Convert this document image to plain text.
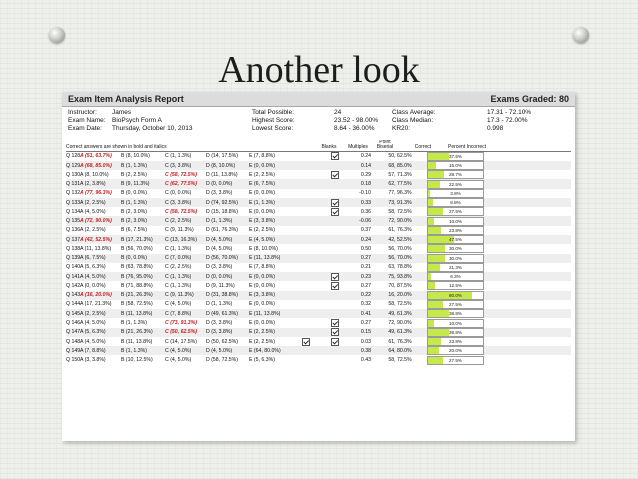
Another look
Exam Item Analysis Report	Exams Graded: 80
Instructor:	James	Total Possible:	24	Class Average:	17.31 - 72.10%
Exam Name: BioPsych Form A	Highest Score:	23.52 - 98.00%	Class Median:	17.3 - 72.00%
Exam Date:	Thursday, October 10, 2013	Lowest Score:	8.64 - 36.00%	KR20:	0.998
Correct answers are shown in bold and italics	Blanks	Multiples
Point Biserial	Correct	Percent Incorrect
Q 128 A (51, 63.7%)	B (8, 10.0%)	C (1, 1.3%)	D (14, 17.5%)	E (7, 8.8%)	0.24	50, 62.5%	37.5%
Q 129 A (68, 85.0%)	B (1, 1.3%)	C (3, 3.8%)	D (8, 10.0%)	E (0, 0.0%)	0.14	68, 85.0%	15.0%
Q 130 A (8, 10.0%)	B (2, 2.5%)	C (58, 72.5%)	D (11, 13.8%)	E (2, 2.5%)	0.29	57, 71.3%	28.7%
Q 131 A (2, 3.8%)	B (9, 11.3%)	C (62, 77.5%)	D (0, 0.0%)	E (6, 7.5%)	0.18	62, 77.5%	22.5%
Q 132 A (77, 96.3%)	B (0, 0.0%)	C (0, 0.0%)	D (3, 3.8%)	E (0, 0.0%)	-0.10	77, 96.3%	3.8%
Q 133 A (2, 2.5%)	B (1, 1.3%)	C (3, 3.8%)	D (74, 92.5%)	E (1, 1.3%)	0.33	73, 91.3%	8.8%
Q 134 A (4, 5.0%)	B (2, 3.0%)	C (58, 72.5%)	D (15, 18.8%)	E (0, 0.0%)	0.36	58, 72.5%	27.5%
Q 135 A (72, 90.0%)	B (2, 3.0%)	C (2, 2.5%)	D (1, 1.3%)	E (3, 3.8%)	-0.06	72, 90.0%	10.0%
Q 136 A (2, 2.5%)	B (6, 7.5%)	C (9, 11.3%)	D (61, 76.3%)	E (2, 2.5%)	0.37	61, 76.3%	23.8%
Q 137 A (42, 52.5%)	B (17, 21.3%)	C (13, 16.3%)	D (4, 5.0%)	E (4, 5.0%)	0.24	42, 52.5%	47.5%
Q 138 A (11, 13.8%)	B (56, 70.0%)	C (1, 1.3%)	D (4, 5.0%)	E (8, 10.0%)	0.50	56, 70.0%	30.0%
Q 139 A (6, 7.5%)	B (0, 0.0%)	C (7, 0.0%)	D (56, 70.0%)	E (11, 13.8%)	0.27	56, 70.0%	30.0%
Q 140 A (5, 6.3%)	B (63, 78.8%)	C (2, 2.5%)	D (3, 3.8%)	E (7, 8.8%)	0.21	63, 78.8%	21.3%
Q 141 A (4, 5.0%)	B (76, 95.0%)	C (1, 1.3%)	D (0, 0.0%)	E (0, 0.0%)	0.23	75, 93.8%	6.3%
Q 142 A (0, 0.0%)	B (71, 88.8%)	C (1, 1.3%)	D (9, 11.3%)	E (0, 0.0%)	0.27	70, 87.5%	12.5%
Q 143 A (16, 20.0%)	B (21, 26.3%)	C (9, 11.3%)	D (31, 38.8%)	E (3, 3.8%)	0.22	16, 20.0%	80.0%
Q 144 A (17, 21.3%)	B (58, 72.5%)	C (4, 5.0%)	D (1, 1.3%)	E (0, 0.0%)	0.32	58, 72.5%	27.5%
Q 145 A (2, 2.5%)	B (11, 13.8%)	C (7, 8.8%)	D (49, 61.3%)	E (11, 13.8%)	0.41	49, 61.3%	38.8%
Q 146 A (4, 5.0%)	B (1, 1.3%)	C (73, 91.3%)	D (3, 3.8%)	E (0, 0.0%)	0.27	72, 90.0%	10.0%
Q 147 A (5, 6.3%)	B (21, 26.3%)	C (50, 62.5%)	D (3, 3.8%)	E (2, 2.5%)	0.15	49, 61.3%	38.8%
Q 148 A (4, 5.0%)	B (11, 13.8%)	C (14, 17.5%)	D (50, 62.5%)	E (2, 2.5%)	0.03	61, 76.3%	23.8%
Q 149 A (7, 8.8%)	B (1, 1.3%)	C (4, 5.0%)	D (4, 5.0%)	E (64, 80.0%)	0.38	64, 80.0%	20.0%
Q 150 A (3, 3.8%)	B (10, 12.5%)	C (4, 5.0%)	D (58, 72.5%)	E (5, 6.3%)	0.43	58, 72.5%	27.5%
